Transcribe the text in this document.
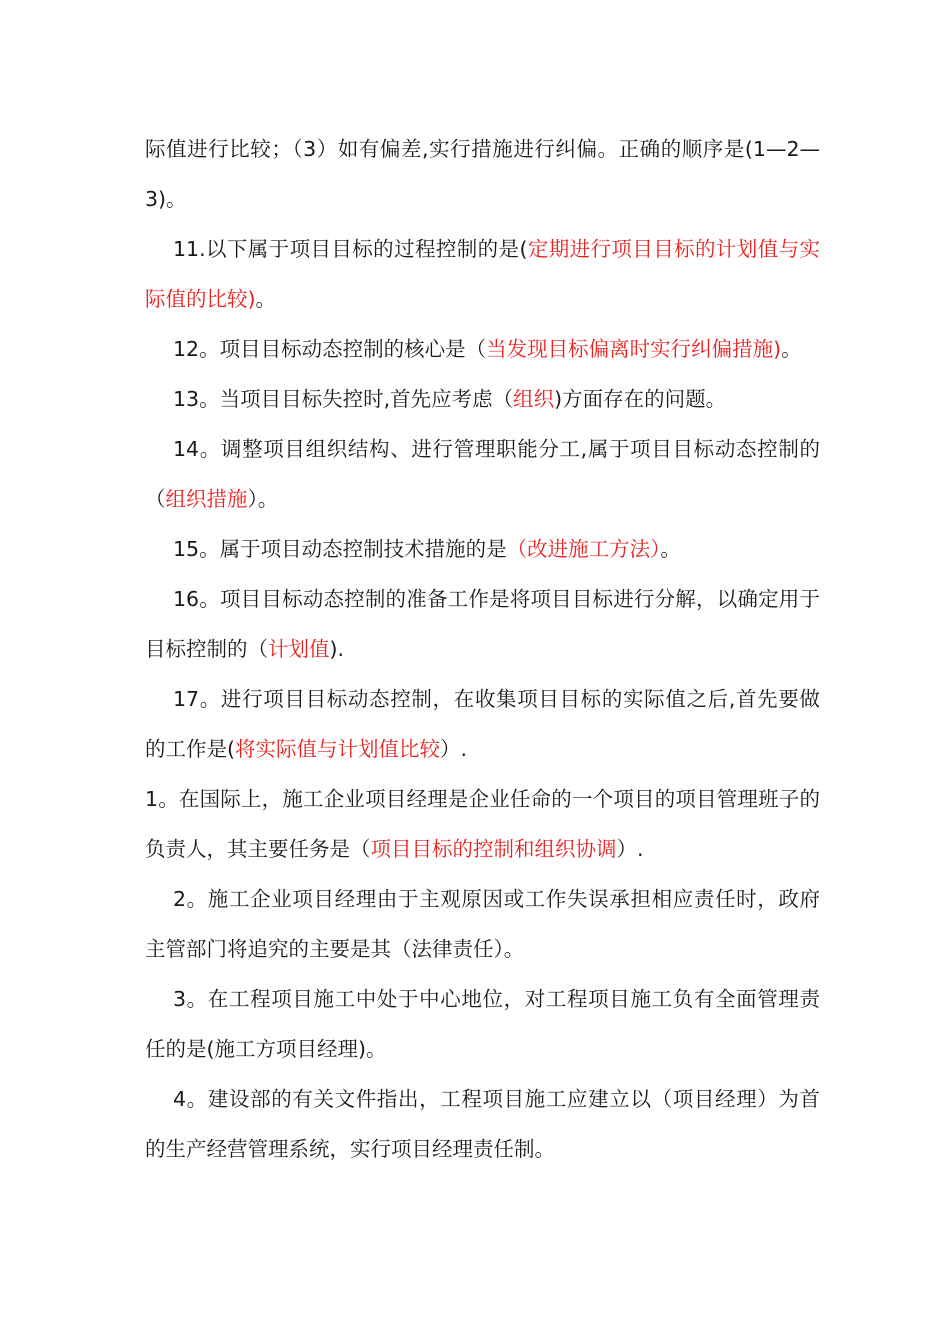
际值进行比较；（3）如有偏差,实行措施进行纠偏。正确的顺序是(1—2—3)。
11.以下属于项目目标的过程控制的是(定期进行项目目标的计划值与实际值的比较)。
12。项目目标动态控制的核心是（当发现目标偏离时实行纠偏措施)。
13。当项目目标失控时,首先应考虑（组织)方面存在的问题。
14。调整项目组织结构、进行管理职能分工,属于项目目标动态控制的（组织措施）。
15。属于项目动态控制技术措施的是（改进施工方法）。
16。项目目标动态控制的准备工作是将项目目标进行分解，以确定用于目标控制的（计划值).
17。进行项目目标动态控制，在收集项目目标的实际值之后,首先要做的工作是(将实际值与计划值比较）.
1。在国际上，施工企业项目经理是企业任命的一个项目的项目管理班子的负责人，其主要任务是（项目目标的控制和组织协调）.
2。施工企业项目经理由于主观原因或工作失误承担相应责任时，政府主管部门将追究的主要是其（法律责任）。
3。在工程项目施工中处于中心地位，对工程项目施工负有全面管理责任的是(施工方项目经理)。
4。建设部的有关文件指出，工程项目施工应建立以（项目经理）为首的生产经营管理系统，实行项目经理责任制。
